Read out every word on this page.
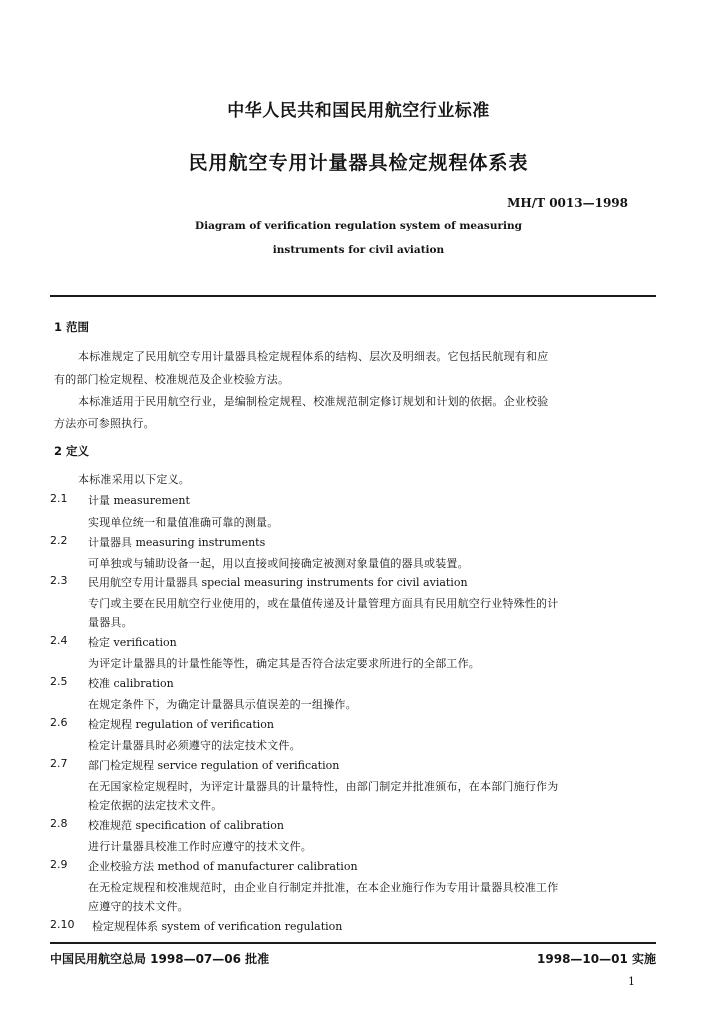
中华人民共和国民用航空行业标准
民用航空专用计量器具检定规程体系表
MH/T 0013—1998
Diagram of verification regulation system of measuring
instruments for civil aviation
1 范围
本标准规定了民用航空专用计量器具检定规程体系的结构、层次及明细表。它包括民航现有和应
有的部门检定规程、校准规范及企业校验方法。
本标准适用于民用航空行业，是编制检定规程、校准规范制定修订规划和计划的依据。企业校验
方法亦可参照执行。
2 定义
本标准采用以下定义。
2.1 计量 measurement
实现单位统一和量值准确可靠的测量。
2.2 计量器具 measuring instruments
可单独或与辅助设备一起，用以直接或间接确定被测对象量值的器具或装置。
2.3 民用航空专用计量器具 special measuring instruments for civil aviation
专门或主要在民用航空行业使用的，或在量值传递及计量管理方面具有民用航空行业特殊性的计
量器具。
2.4 检定 verification
为评定计量器具的计量性能等性，确定其是否符合法定要求所进行的全部工作。
2.5 校准 calibration
在规定条件下，为确定计量器具示值误差的一组操作。
2.6 检定规程 regulation of verification
检定计量器具时必须遵守的法定技术文件。
2.7 部门检定规程 service regulation of verification
在无国家检定规程时，为评定计量器具的计量特性，由部门制定并批准颁布，在本部门施行作为
检定依据的法定技术文件。
2.8 校准规范 specification of calibration
进行计量器具校准工作时应遵守的技术文件。
2.9 企业校验方法 method of manufacturer calibration
在无检定规程和校准规范时，由企业自行制定并批准，在本企业施行作为专用计量器具校准工作
应遵守的技术文件。
2.10 检定规程体系 system of verification regulation
中国民用航空总局 1998—07—06 批准	1998—10—01 实施
1
